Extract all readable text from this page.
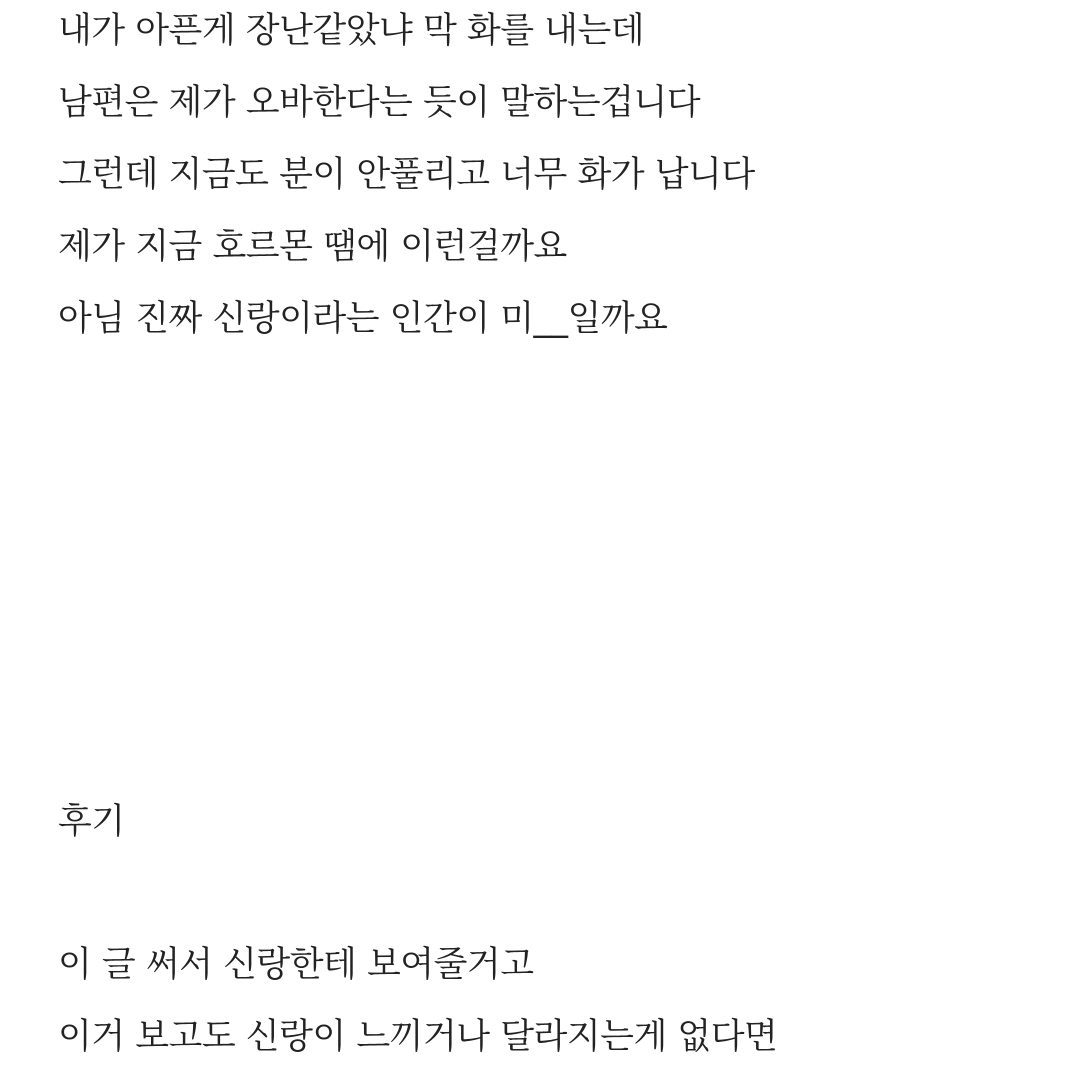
내가 아픈게 장난같았냐 막 화를 내는데
남편은 제가 오바한다는 듯이 말하는겁니다
그런데 지금도 분이 안풀리고 너무 화가 납니다
제가 지금 호르몬 땜에 이런걸까요
아님 진짜 신랑이라는 인간이 미__일까요
후기
이 글 써서 신랑한테 보여줄거고
이거 보고도 신랑이 느끼거나 달라지는게 없다면
